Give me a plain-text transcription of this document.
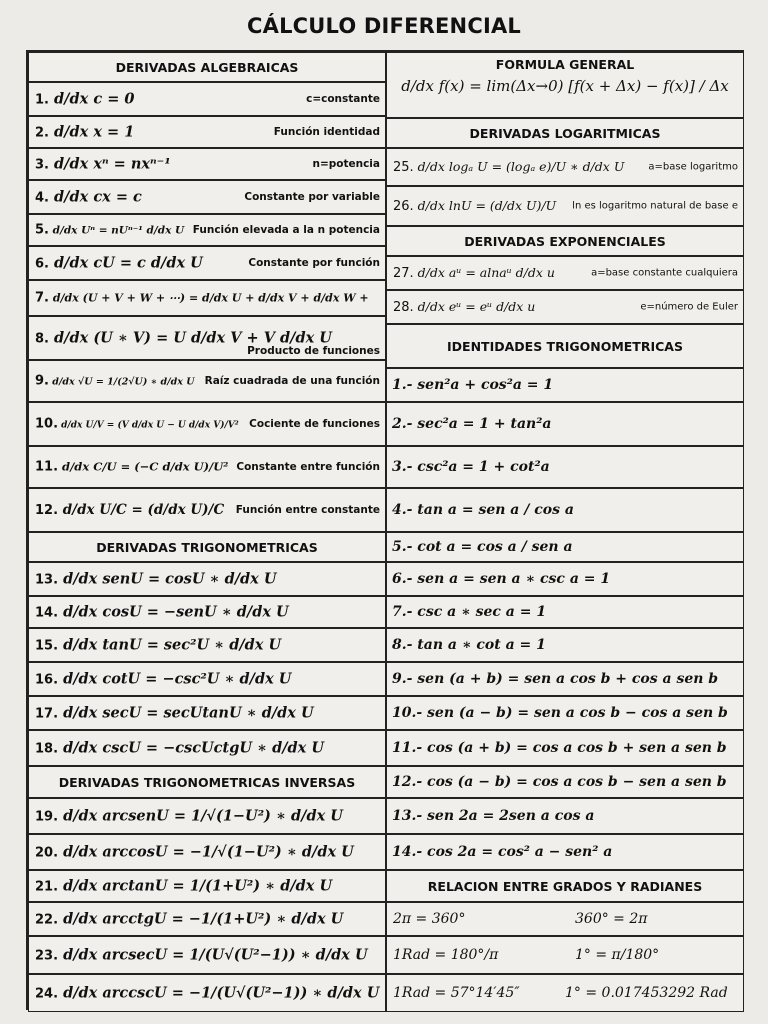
CÁLCULO DIFERENCIAL
DERIVADAS ALGEBRAICAS
DERIVADAS TRIGONOMETRICAS
DERIVADAS TRIGONOMETRICAS INVERSAS
FORMULA GENERAL
d/dx f(x) = lim(Δx→0) [f(x + Δx) − f(x)] / Δx
DERIVADAS LOGARITMICAS
DERIVADAS EXPONENCIALES
IDENTIDADES TRIGONOMETRICAS
RELACION ENTRE GRADOS Y RADIANES
1. d/dx c = 0	c=constante
2. d/dx x = 1	Función identidad
3. d/dx xⁿ = nxⁿ⁻¹	n=potencia
4. d/dx cx = c	Constante por variable
5. d/dx Uⁿ = nUⁿ⁻¹ d/dx U Función elevada a la n potencia
6. d/dx cU = c d/dx U	Constante por función
7. d/dx (U + V + W + ⋯) = d/dx U + d/dx V + d/dx W +
8. d/dx (U ∗ V) = U d/dx V + V d/dx U
Producto de funciones
9. d/dx √U = 1/(2√U) ∗ d/dx U Raíz cuadrada de una función
10. d/dx U/V = (V d/dx U − U d/dx V)/V² Cociente de funciones
11. d/dx C/U = (−C d/dx U)/U² Constante entre función
12. d/dx U/C = (d/dx U)/C Función entre constante
13. d/dx senU = cosU ∗ d/dx U
14. d/dx cosU = −senU ∗ d/dx U
15. d/dx tanU = sec²U ∗ d/dx U
16. d/dx cotU = −csc²U ∗ d/dx U
17. d/dx secU = secUtanU ∗ d/dx U
18. d/dx cscU = −cscUctgU ∗ d/dx U
19. d/dx arcsenU = 1/√(1−U²) ∗ d/dx U
20. d/dx arccosU = −1/√(1−U²) ∗ d/dx U
21. d/dx arctanU = 1/(1+U²) ∗ d/dx U
22. d/dx arcctgU = −1/(1+U²) ∗ d/dx U
23. d/dx arcsecU = 1/(U√(U²−1)) ∗ d/dx U
24. d/dx arccscU = −1/(U√(U²−1)) ∗ d/dx U
25. d/dx logₐ U = (logₐ e)/U ∗ d/dx U a=base logaritmo
26. d/dx lnU = (d/dx U)/U ln es logaritmo natural de base e
27. d/dx aᵘ = alnaᵘ d/dx u	a=base constante cualquiera
28. d/dx eᵘ = eᵘ d/dx u	e=número de Euler
1.- sen²a + cos²a = 1
2.- sec²a = 1 + tan²a
3.- csc²a = 1 + cot²a
4.- tan a = sen a / cos a
5.- cot a = cos a / sen a
6.- sen a = sen a ∗ csc a = 1
7.- csc a ∗ sec a = 1
8.- tan a ∗ cot a = 1
9.- sen (a + b) = sen a cos b + cos a sen b
10.- sen (a − b) = sen a cos b − cos a sen b
11.- cos (a + b) = cos a cos b + sen a sen b
12.- cos (a − b) = cos a cos b − sen a sen b
13.- sen 2a = 2sen a cos a
14.- cos 2a = cos² a − sen² a
2π = 360°	360° = 2π
1Rad = 180°/π	1° = π/180°
1Rad = 57°14′45″	1° = 0.017453292 Rad
